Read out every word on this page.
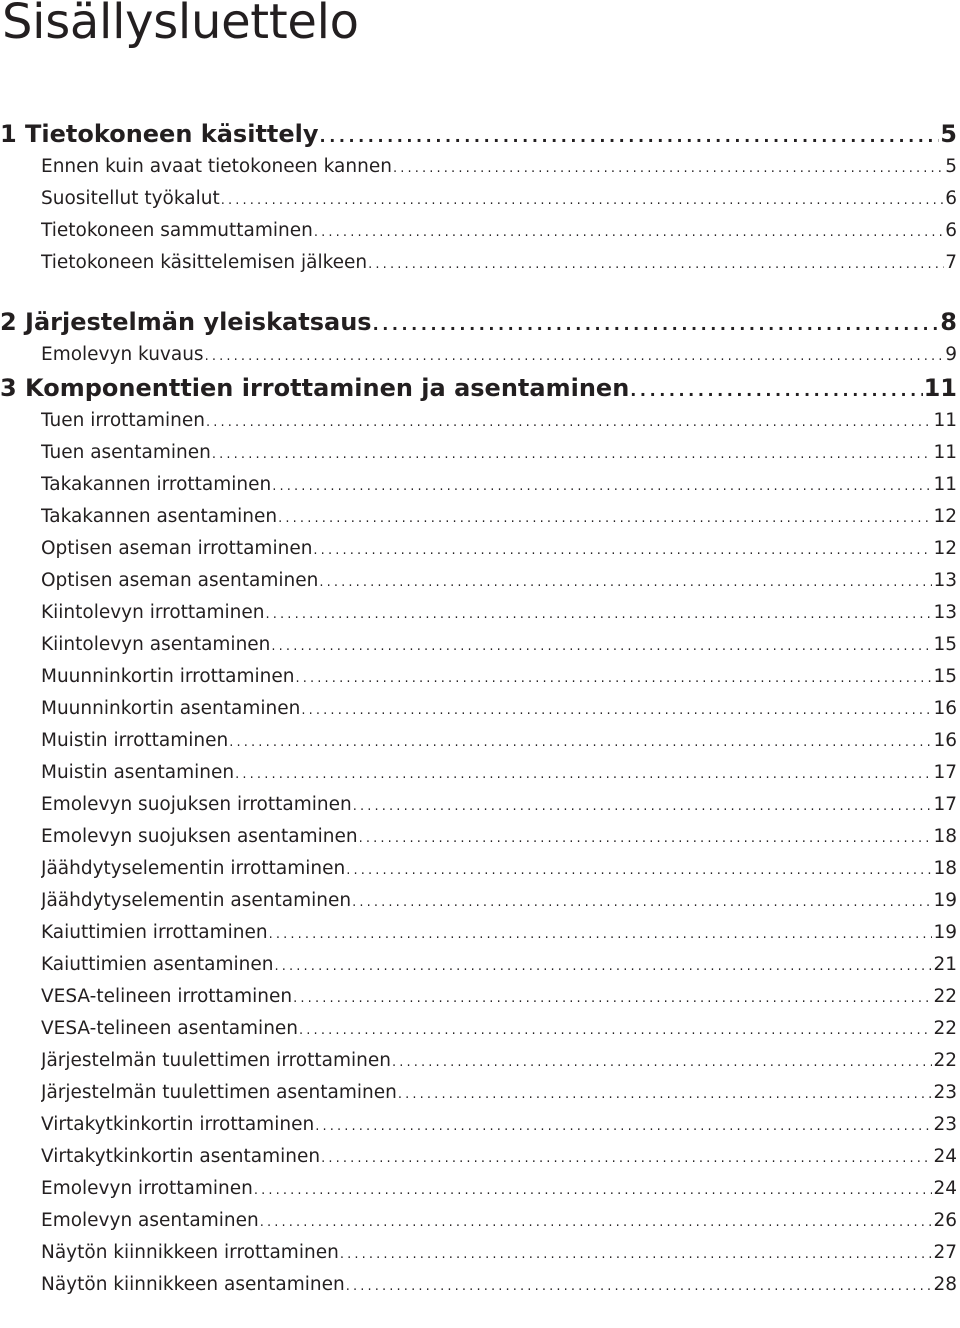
Sisällysluettelo
1 Tietokoneen käsittely . . .	5
Ennen kuin avaat tietokoneen kannen . . .	5
Suositellut työkalut . . .	6
Tietokoneen sammuttaminen . . .	6
Tietokoneen käsittelemisen jälkeen . . .	7
2 Järjestelmän yleiskatsaus . . .	8
Emolevyn kuvaus . . .	9
3 Komponenttien irrottaminen ja asentaminen . . .	11
Tuen irrottaminen . . .	11
Tuen asentaminen . . .	11
Takakannen irrottaminen . . .	11
Takakannen asentaminen . . .	12
Optisen aseman irrottaminen . . .	12
Optisen aseman asentaminen . . .	13
Kiintolevyn irrottaminen . . .	13
Kiintolevyn asentaminen . . .	15
Muunninkortin irrottaminen . . .	15
Muunninkortin asentaminen . . .	16
Muistin irrottaminen . . .	16
Muistin asentaminen . . .	17
Emolevyn suojuksen irrottaminen . . .	17
Emolevyn suojuksen asentaminen . . .	18
Jäähdytyselementin irrottaminen . . .	18
Jäähdytyselementin asentaminen . . .	19
Kaiuttimien irrottaminen . . .	19
Kaiuttimien asentaminen . . .	21
VESA-telineen irrottaminen . . .	22
VESA-telineen asentaminen . . .	22
Järjestelmän tuulettimen irrottaminen . . .	22
Järjestelmän tuulettimen asentaminen . . .	23
Virtakytkinkortin irrottaminen . . .	23
Virtakytkinkortin asentaminen . . .	24
Emolevyn irrottaminen . . .	24
Emolevyn asentaminen . . .	26
Näytön kiinnikkeen irrottaminen . . .	27
Näytön kiinnikkeen asentaminen . . .	28
